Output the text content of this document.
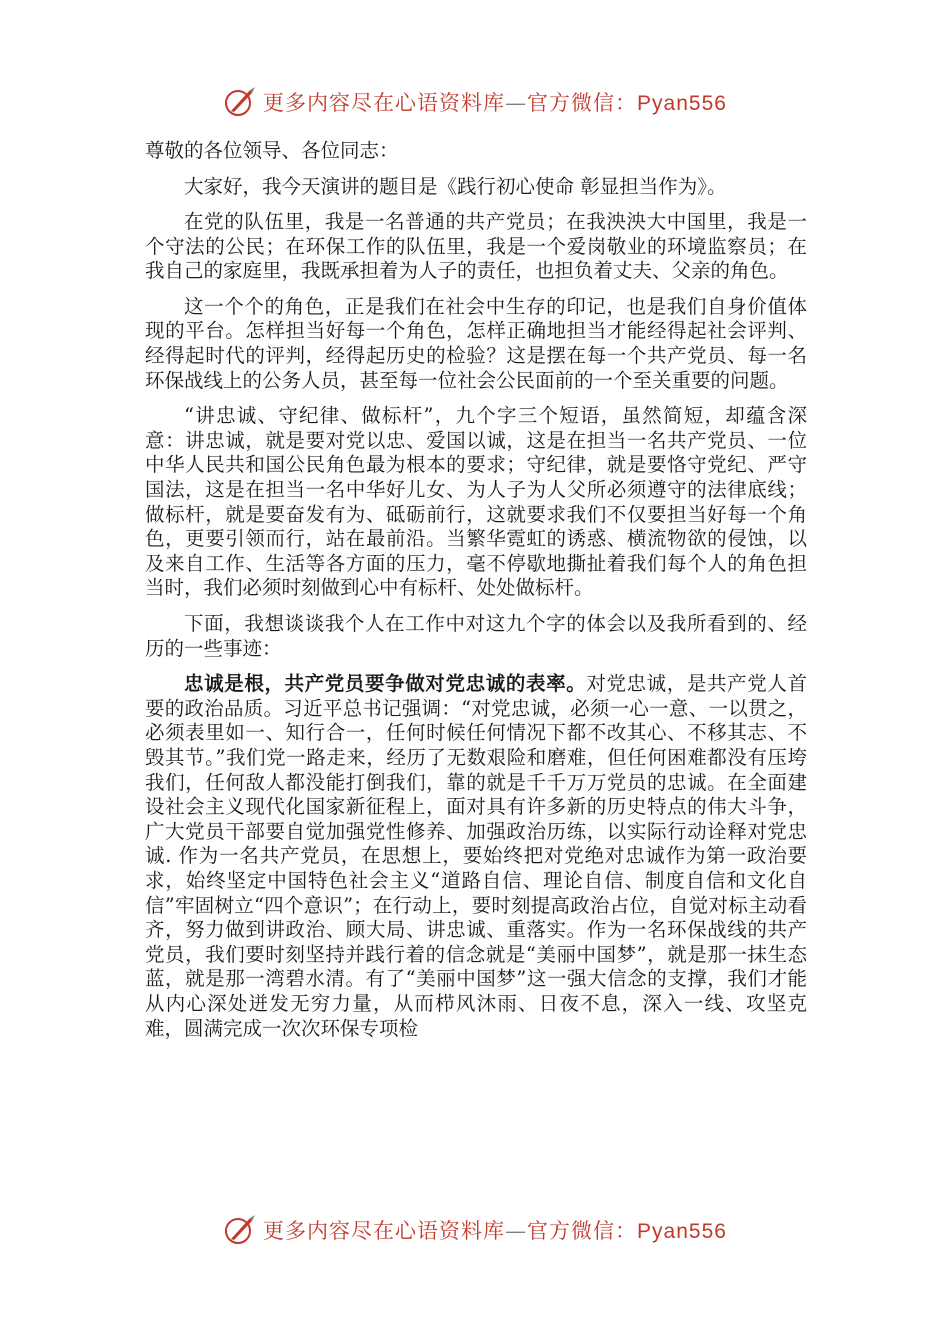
更多内容尽在心语资料库—官方微信：Pyan556

尊敬的各位领导、各位同志：

大家好，我今天演讲的题目是《践行初心使命 彰显担当作为》。

在党的队伍里，我是一名普通的共产党员；在我泱泱大中国里，我是一个守法的公民；在环保工作的队伍里，我是一个爱岗敬业的环境监察员；在我自己的家庭里，我既承担着为人子的责任，也担负着丈夫、父亲的角色。

这一个个的角色，正是我们在社会中生存的印记，也是我们自身价值体现的平台。怎样担当好每一个角色，怎样正确地担当才能经得起社会评判、经得起时代的评判，经得起历史的检验？这是摆在每一个共产党员、每一名环保战线上的公务人员，甚至每一位社会公民面前的一个至关重要的问题。

“讲忠诚、守纪律、做标杆”，九个字三个短语，虽然简短，却蕴含深意：讲忠诚，就是要对党以忠、爱国以诚，这是在担当一名共产党员、一位中华人民共和国公民角色最为根本的要求；守纪律，就是要恪守党纪、严守国法，这是在担当一名中华好儿女、为人子为人父所必须遵守的法律底线；做标杆，就是要奋发有为、砥砺前行，这就要求我们不仅要担当好每一个角色，更要引领而行，站在最前沿。当繁华霓虹的诱惑、横流物欲的侵蚀，以及来自工作、生活等各方面的压力，毫不停歇地撕扯着我们每个人的角色担当时，我们必须时刻做到心中有标杆、处处做标杆。

下面，我想谈谈我个人在工作中对这九个字的体会以及我所看到的、经历的一些事迹：

忠诚是根，共产党员要争做对党忠诚的表率。对党忠诚，是共产党人首要的政治品质。习近平总书记强调：“对党忠诚，必须一心一意、一以贯之，必须表里如一、知行合一，任何时候任何情况下都不改其心、不移其志、不毁其节。”我们党一路走来，经历了无数艰险和磨难，但任何困难都没有压垮我们，任何敌人都没能打倒我们，靠的就是千千万万党员的忠诚。在全面建设社会主义现代化国家新征程上，面对具有许多新的历史特点的伟大斗争，广大党员干部要自觉加强党性修养、加强政治历练，以实际行动诠释对党忠诚. 作为一名共产党员，在思想上，要始终把对党绝对忠诚作为第一政治要求，始终坚定中国特色社会主义“道路自信、理论自信、制度自信和文化自信”牢固树立“四个意识”；在行动上，要时刻提高政治占位，自觉对标主动看齐，努力做到讲政治、顾大局、讲忠诚、重落实。作为一名环保战线的共产党员，我们要时刻坚持并践行着的信念就是“美丽中国梦”，就是那一抹生态蓝，就是那一湾碧水清。有了“美丽中国梦”这一强大信念的支撑，我们才能从内心深处迸发无穷力量，从而栉风沐雨、日夜不息，深入一线、攻坚克难，圆满完成一次次环保专项检

更多内容尽在心语资料库—官方微信：Pyan556
